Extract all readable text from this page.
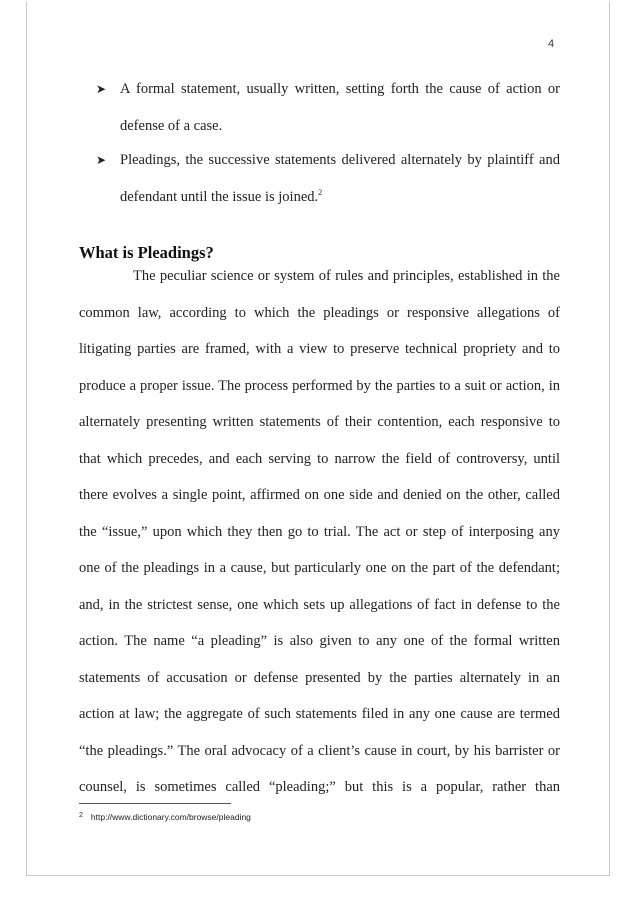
4
➤ A formal statement, usually written, setting forth the cause of action or defense of a case.
➤ Pleadings, the successive statements delivered alternately by plaintiff and defendant until the issue is joined.$^2$
What is Pleadings?
The peculiar science or system of rules and principles, established in the common law, according to which the pleadings or responsive allegations of litigating parties are framed, with a view to preserve technical propriety and to produce a proper issue. The process performed by the parties to a suit or action, in alternately presenting written statements of their contention, each responsive to that which precedes, and each serving to narrow the field of controversy, until there evolves a single point, affirmed on one side and denied on the other, called the “issue,” upon which they then go to trial. The act or step of interposing any one of the pleadings in a cause, but particularly one on the part of the defendant; and, in the strictest sense, one which sets up allegations of fact in defense to the action. The name “a pleading” is also given to any one of the formal written statements of accusation or defense presented by the parties alternately in an action at law; the aggregate of such statements filed in any one cause are termed “the pleadings.” The oral advocacy of a client’s cause in court, by his barrister or counsel, is sometimes called “pleading;” but this is a popular, rather than
$^2$ http://www.dictionary.com/browse/pleading
